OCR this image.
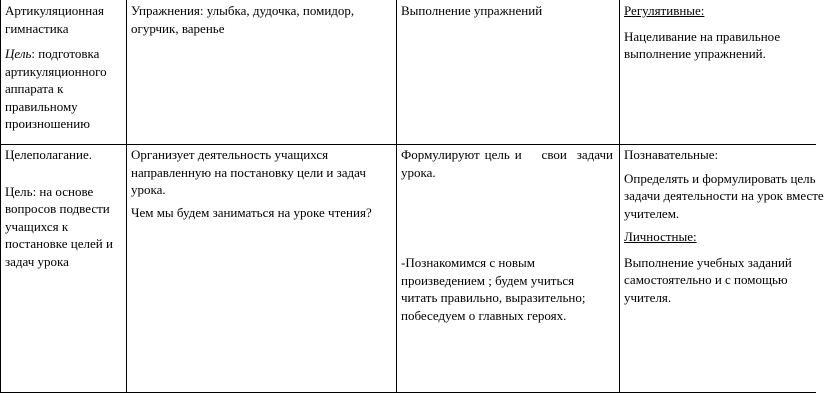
Артикуляционная гимнастика

Цель: подготовка артикуляционного аппарата к правильному произношению

Упражнения: улыбка, дудочка, помидор, огурчик, варенье

Выполнение упражнений	Регулятивные:

Нацеливание на правильное выполнение упражнений.

Целеполагание.

Цель: на основе вопросов подвести учащихся к постановке целей и задач урока

Организует деятельность учащихся направленную на постановку цели и задач урока.

Чем мы будем заниматься на уроке чтения?

Формулируют цель и    свои  задачи урока.

-Познакомимся с новым произведением ; будем учиться читать правильно, выразительно; побеседуем о главных героях.

Познавательные:

Определять и формулировать цель

задачи деятельности на урок вместе

учителем.

Личностные:

Выполнение учебных заданий самостоятельно и с помощью учителя.
